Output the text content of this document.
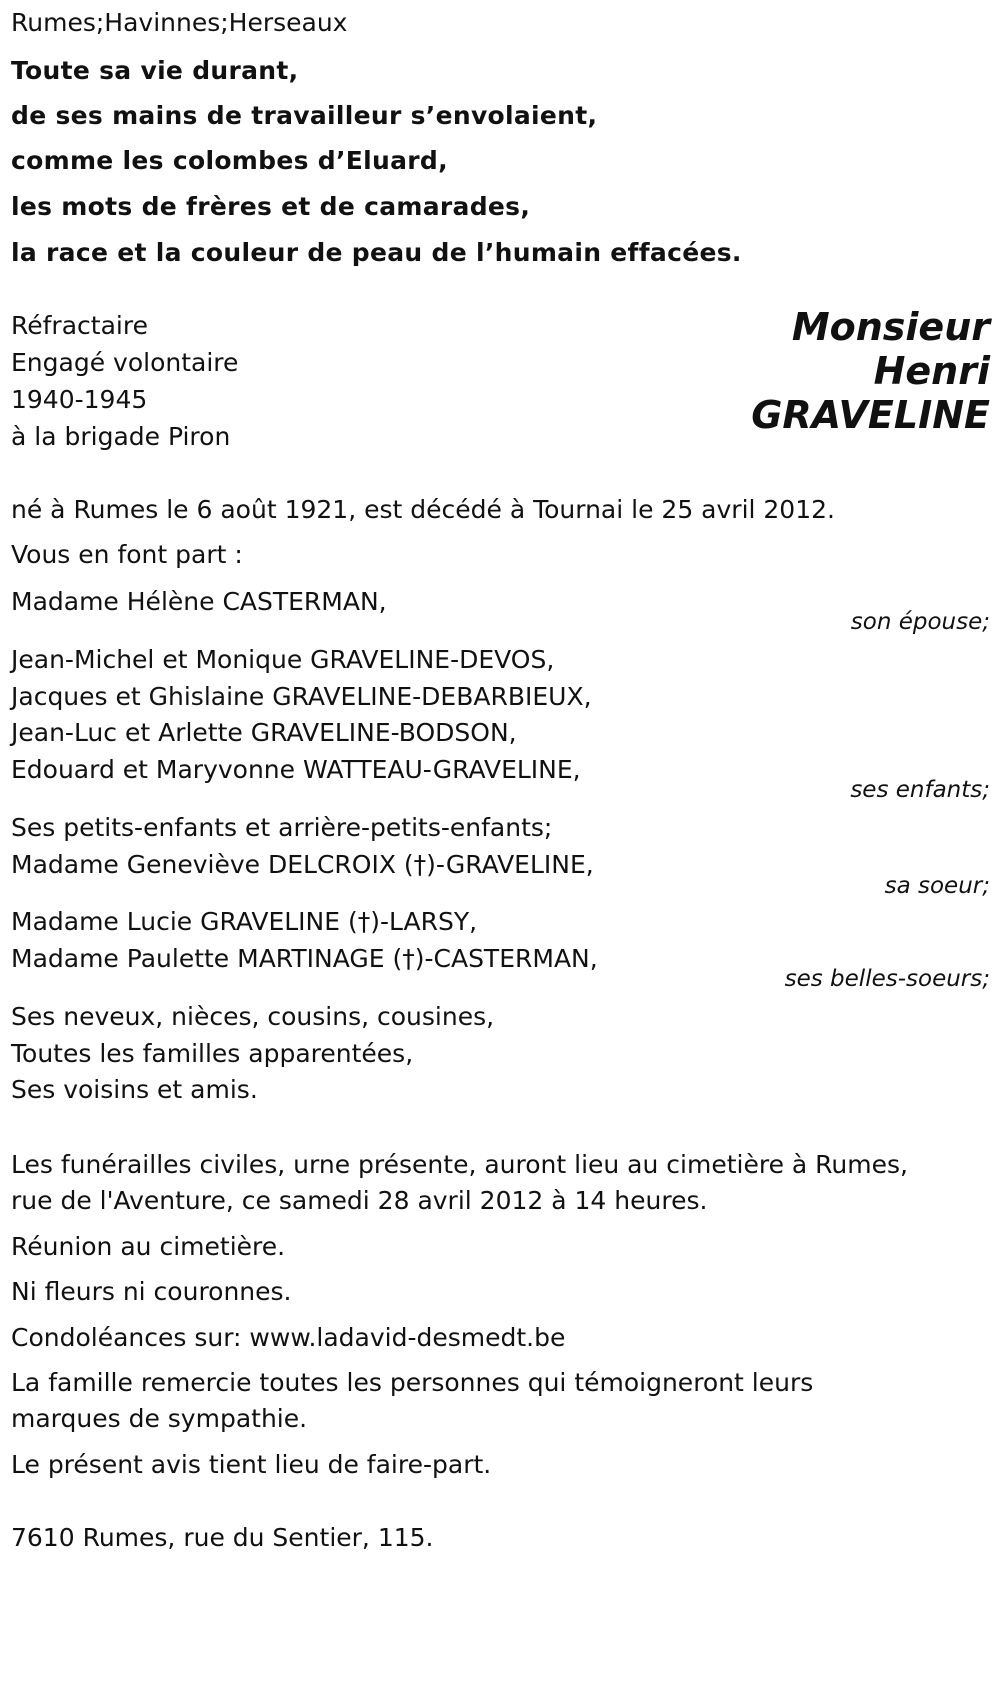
Rumes;Havinnes;Herseaux
Toute sa vie durant,
de ses mains de travailleur s’envolaient,
comme les colombes d’Eluard,
les mots de frères et de camarades,
la race et la couleur de peau de l’humain effacées.
Réfractaire
Engagé volontaire
1940-1945
à la brigade Piron
Monsieur
Henri
GRAVELINE
né à Rumes le 6 août 1921, est décédé à Tournai le 25 avril 2012.
Vous en font part :
Madame Hélène CASTERMAN,
son épouse;
Jean-Michel et Monique GRAVELINE-DEVOS,
Jacques et Ghislaine GRAVELINE-DEBARBIEUX,
Jean-Luc et Arlette GRAVELINE-BODSON,
Edouard et Maryvonne WATTEAU-GRAVELINE,
ses enfants;
Ses petits-enfants et arrière-petits-enfants;
Madame Geneviève DELCROIX (†)-GRAVELINE,
sa soeur;
Madame Lucie GRAVELINE (†)-LARSY,
Madame Paulette MARTINAGE (†)-CASTERMAN,
ses belles-soeurs;
Ses neveux, nièces, cousins, cousines,
Toutes les familles apparentées,
Ses voisins et amis.
Les funérailles civiles, urne présente, auront lieu au cimetière à Rumes,
rue de l'Aventure, ce samedi 28 avril 2012 à 14 heures.
Réunion au cimetière.
Ni fleurs ni couronnes.
Condoléances sur: www.ladavid-desmedt.be
La famille remercie toutes les personnes qui témoigneront leurs
marques de sympathie.
Le présent avis tient lieu de faire-part.
7610 Rumes, rue du Sentier, 115.
